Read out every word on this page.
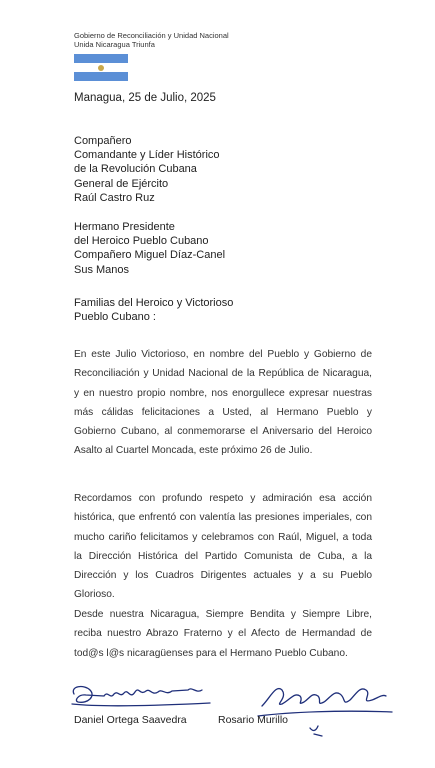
Gobierno de Reconciliación y Unidad Nacional
Unida Nicaragua Triunfa
Managua, 25 de Julio, 2025
Compañero
Comandante y Líder Histórico
de la Revolución Cubana
General de Ejército
Raúl Castro Ruz
Hermano Presidente
del Heroico Pueblo Cubano
Compañero Miguel Díaz-Canel
Sus Manos
Familias del Heroico y Victorioso
Pueblo Cubano :
En este Julio Victorioso, en nombre del Pueblo y Gobierno de Reconciliación y Unidad Nacional de la República de Nicaragua, y en nuestro propio nombre, nos enorgullece expresar nuestras más cálidas felicitaciones a Usted, al Hermano Pueblo y Gobierno Cubano, al conmemorarse el Aniversario del Heroico Asalto al Cuartel Moncada, este próximo 26 de Julio.
Recordamos con profundo respeto y admiración esa acción histórica, que enfrentó con valentía las presiones imperiales, con mucho cariño felicitamos y celebramos con Raúl, Miguel, a toda la Dirección Histórica del Partido Comunista de Cuba, a la Dirección y los Cuadros Dirigentes actuales y a su Pueblo Glorioso.
Desde nuestra Nicaragua, Siempre Bendita y Siempre Libre, reciba nuestro Abrazo Fraterno y el Afecto de Hermandad de tod@s l@s nicaragüenses para el Hermano Pueblo Cubano.
Daniel Ortega Saavedra	Rosario Murillo
